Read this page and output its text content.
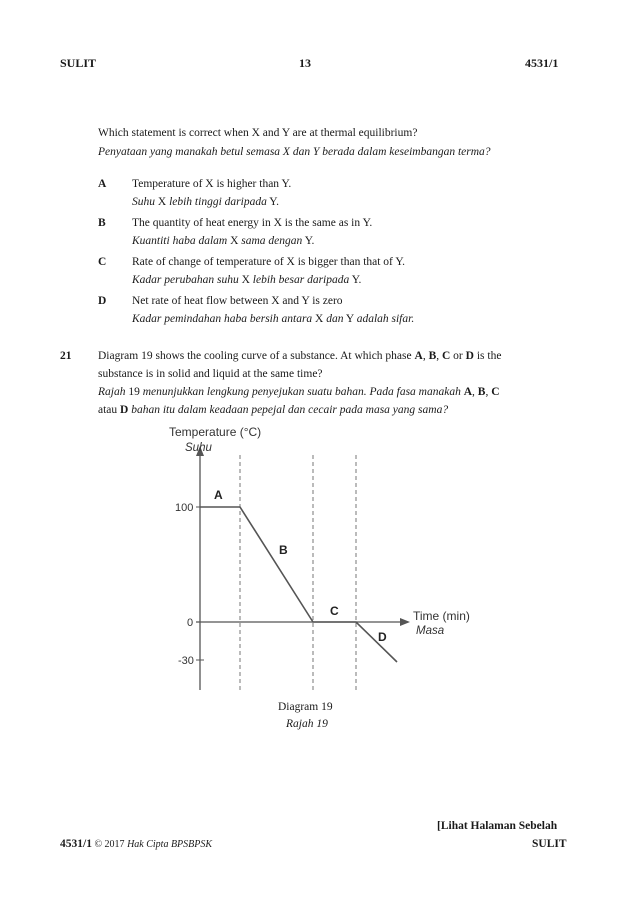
SULIT	13	4531/1
Which statement is correct when X and Y are at thermal equilibrium?
Penyataan yang manakah betul semasa X dan Y berada dalam keseimbangan terma?
A Temperature of X is higher than Y.
Suhu X lebih tinggi daripada Y.
B The quantity of heat energy in X is the same as in Y.
Kuantiti haba dalam X sama dengan Y.
C Rate of change of temperature of X is bigger than that of Y.
Kadar perubahan suhu X lebih besar daripada Y.
D Net rate of heat flow between X and Y is zero
Kadar pemindahan haba bersih antara X dan Y adalah sifar.
21 Diagram 19 shows the cooling curve of a substance. At which phase A, B, C or D is the
substance is in solid and liquid at the same time?
Rajah 19 menunjukkan lengkung penyejukan suatu bahan. Pada fasa manakah A, B, C
atau D bahan itu dalam keadaan pepejal dan cecair pada masa yang sama?
100
0
-30
Temperature (°C)
Suhu
Time (min)
Masa
A
B
C
D
Diagram 19
Rajah 19
[Lihat Halaman Sebelah
4531/1 © 2017 Hak Cipta BPSBPSK	SULIT
